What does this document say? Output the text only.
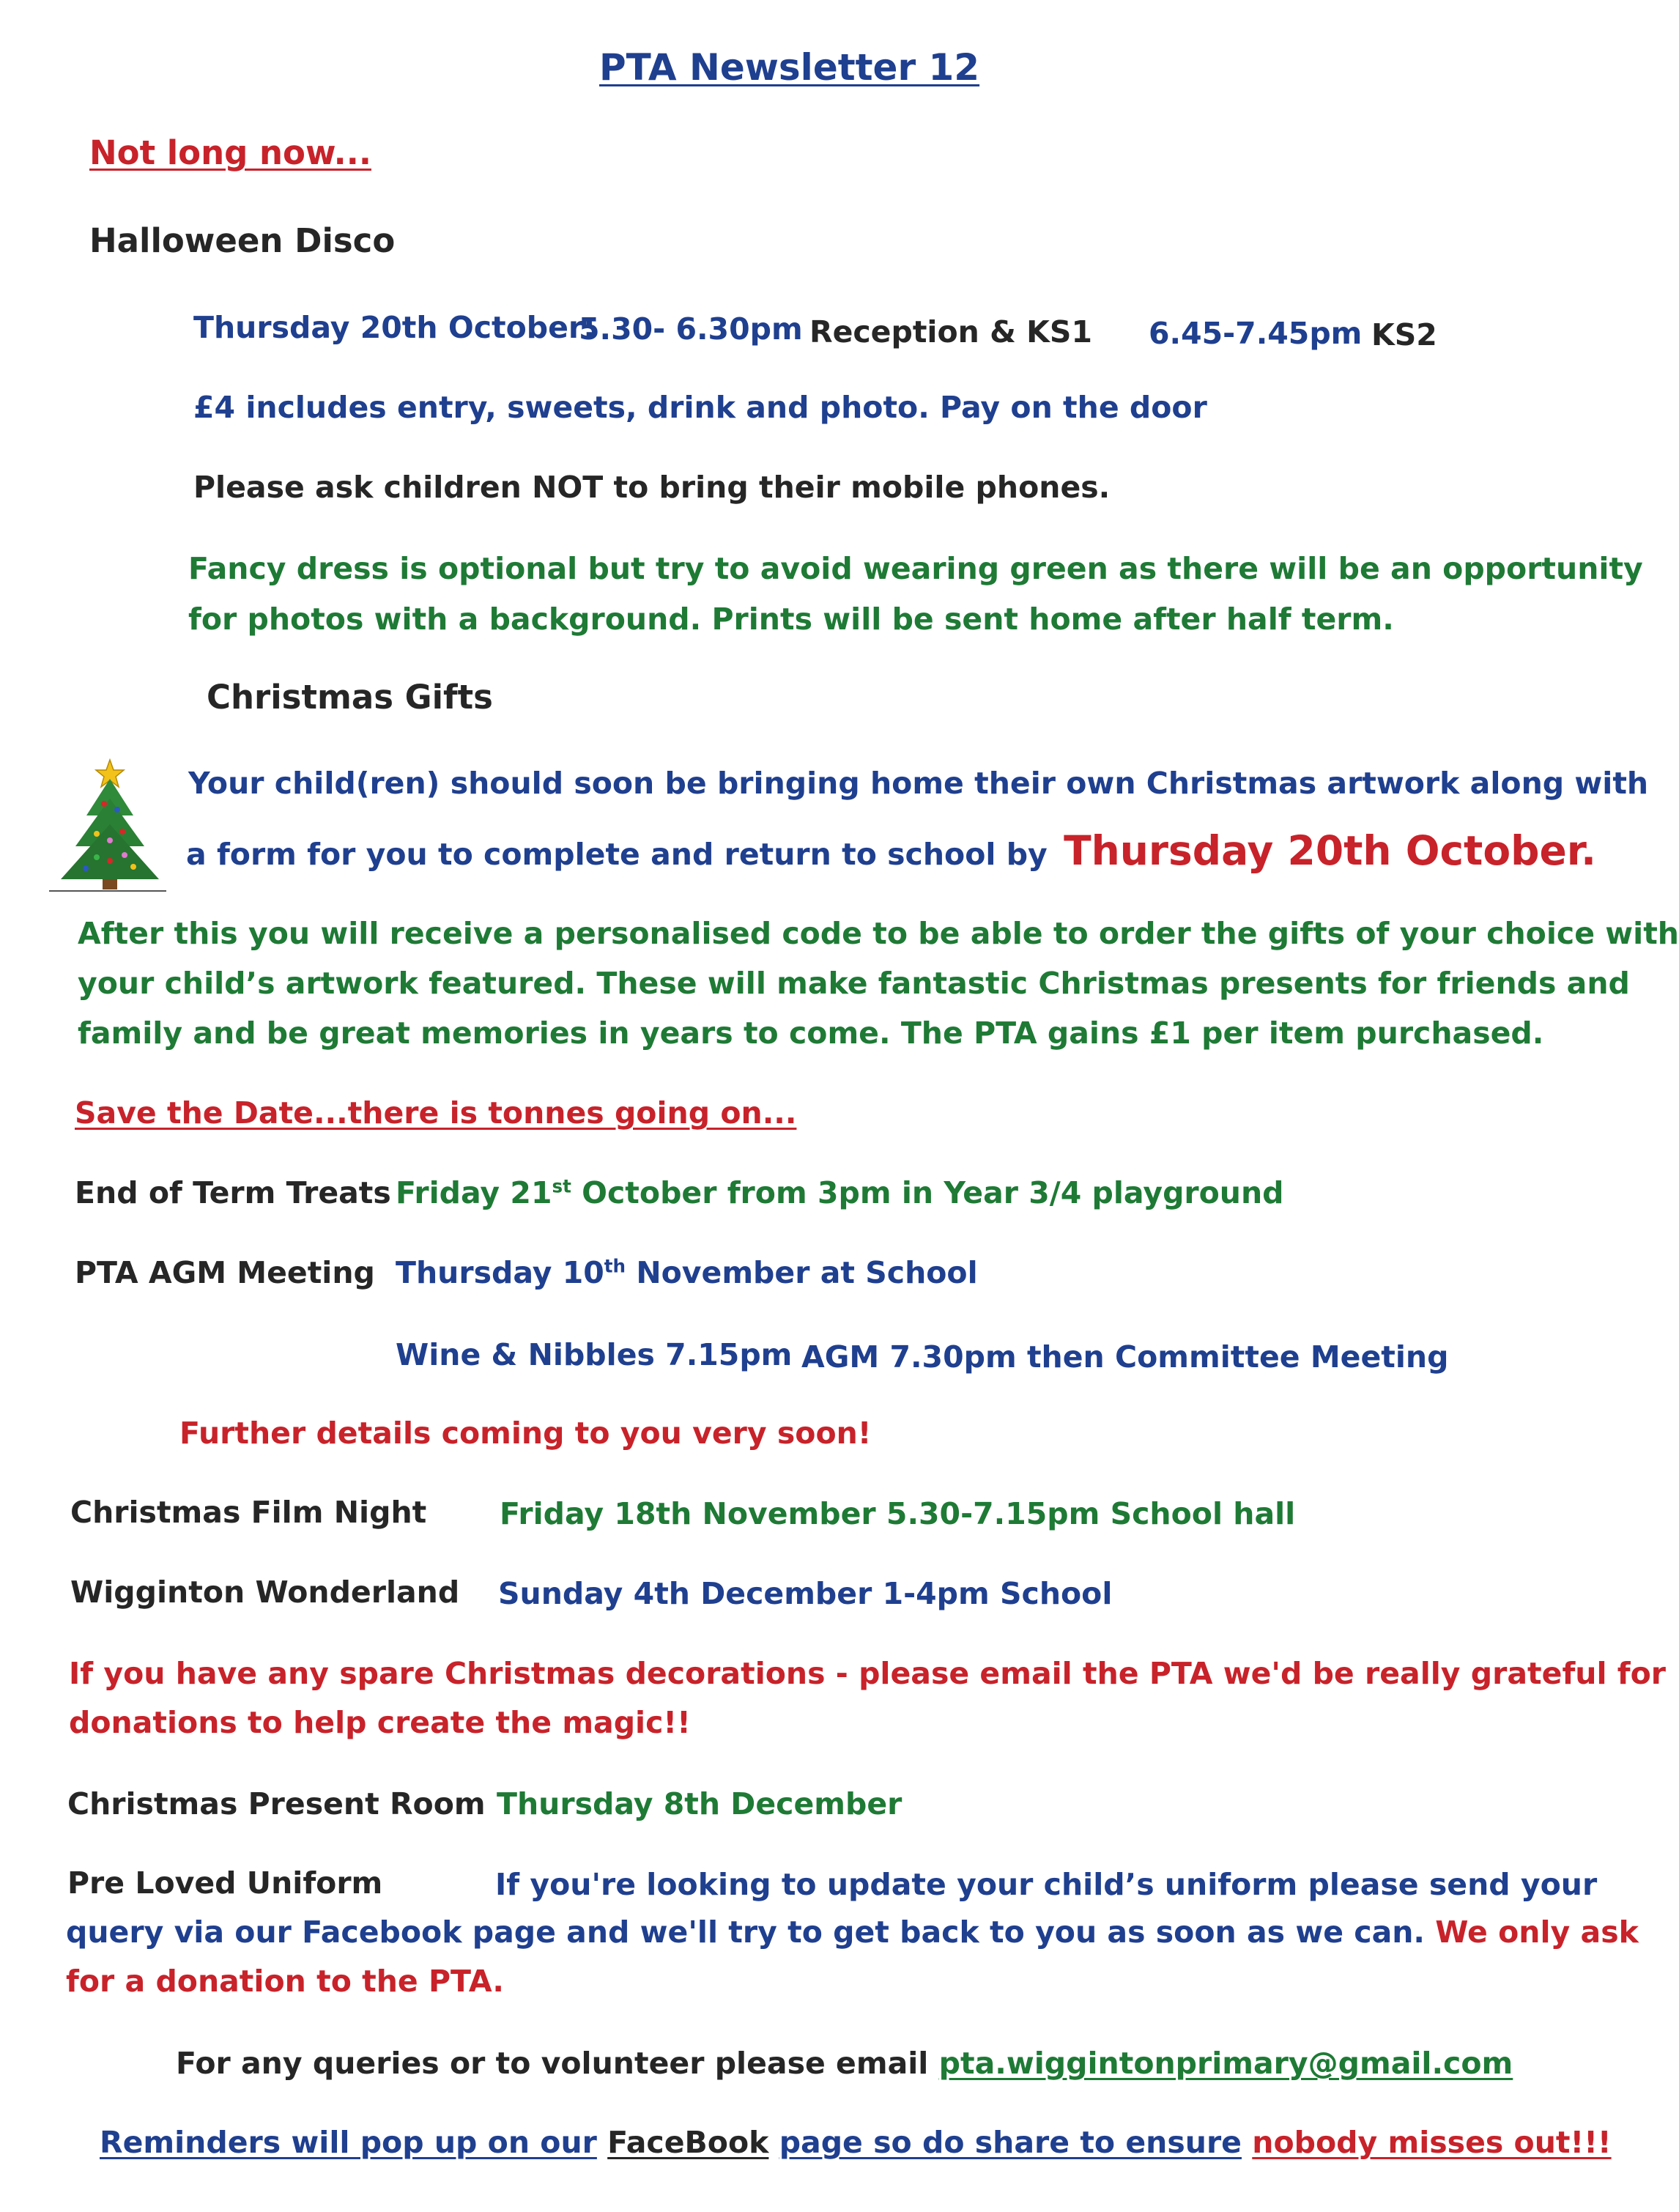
PTA Newsletter 12
Not long now...
Halloween Disco
Thursday 20th October:
5.30- 6.30pm Reception & KS1 6.45-7.45pm KS2
£4 includes entry, sweets, drink and photo. Pay on the door
Please ask children NOT to bring their mobile phones.
Fancy dress is optional but try to avoid wearing green as there will be an opportunity
for photos with a background. Prints will be sent home after half term.
Christmas Gifts
Your child(ren) should soon be bringing home their own Christmas artwork along with
a form for you to complete and return to school by Thursday 20th October.
After this you will receive a personalised code to be able to order the gifts of your choice with
your child’s artwork featured. These will make fantastic Christmas presents for friends and
family and be great memories in years to come. The PTA gains £1 per item purchased.
Save the Date...there is tonnes going on...
End of Term Treats Friday 21st October from 3pm in Year 3/4 playground
PTA AGM Meeting Thursday 10th November at School
Wine & Nibbles 7.15pm AGM 7.30pm then Committee Meeting
Further details coming to you very soon!
Christmas Film Night Friday 18th November 5.30-7.15pm School hall
Wigginton Wonderland Sunday 4th December 1-4pm School
If you have any spare Christmas decorations - please email the PTA we'd be really grateful for
donations to help create the magic!!
Christmas Present Room Thursday 8th December
Pre Loved Uniform	If you're looking to update your child’s uniform please send your
query via our Facebook page and we'll try to get back to you as soon as we can. We only ask
for a donation to the PTA.
For any queries or to volunteer please email pta.wiggintonprimary@gmail.com
Reminders will pop up on our FaceBook page so do share to ensure nobody misses out!!!
